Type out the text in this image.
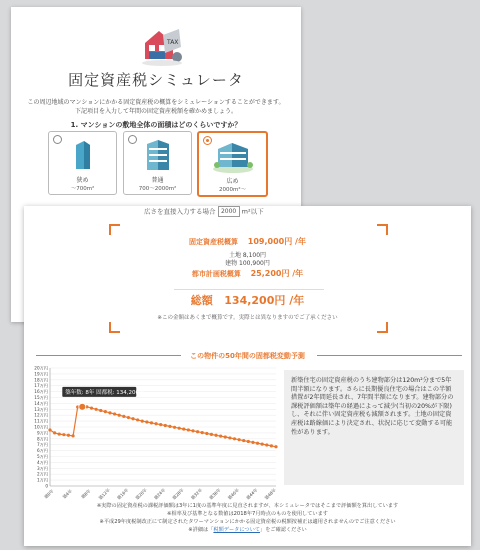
TAX
固定資産税シミュレータ
この周辺地域のマンションにかかる固定資産税の概算をシミュレーションすることができます。
下記項目を入力して年間の固定資産税額を確かめましょう。
1. マンションの敷地全体の面積はどのくらいですか？
狭め
〜700m²
普通
700〜2000m²
広め
2000m²〜
広さを直接入力する場合 2000 m²以下
固定資産税概算 109,000円 /年
土地 8,100円
建物 100,900円
都市計画税概算 25,200円 /年
総額 134,200円 /年
※この金額はあくまで概算です。実際とは異なりますのでご了承ください
この物件の50年間の固都税変動予測
0
1万円
2万円
3万円
4万円
5万円
6万円
7万円
8万円
9万円
10万円
11万円
12万円
13万円
14万円
15万円
16万円
17万円
18万円
19万円
20万円
築0年 築4年 築8年 築12年 築16年 築20年 築24年 築28年 築32年 築36年 築40年 築44年 築48年
築年数: 8年 固都税: 134,200円
新築住宅の固定資産税のうち建物部分は120m²分まで5年間半額になります。さらに長期優良住宅の場合はこの半額措置が2年間延長され、7年間半額になります。建物部分の課税評価額は築年の経過によって減少(当初の20%が下限)し、それに伴い固定資産税も減額されます。土地の固定資産税は路線価により決定され、状況に応じて変動する可能性があります。
※実際の固定資産税の課税評価額は3年に1度の基準年度に見直されますが、本シミュレータではそこまで評価額を算出しています
※相率及び基準となる数値は2018年7月時点のものを使用しています
※平成29年度税制改正にて制定されたタワーマンションにかかる固定資産税の税額按補正は適用されませんのでご注意ください
※詳細は「税額データについて」をご確認ください
